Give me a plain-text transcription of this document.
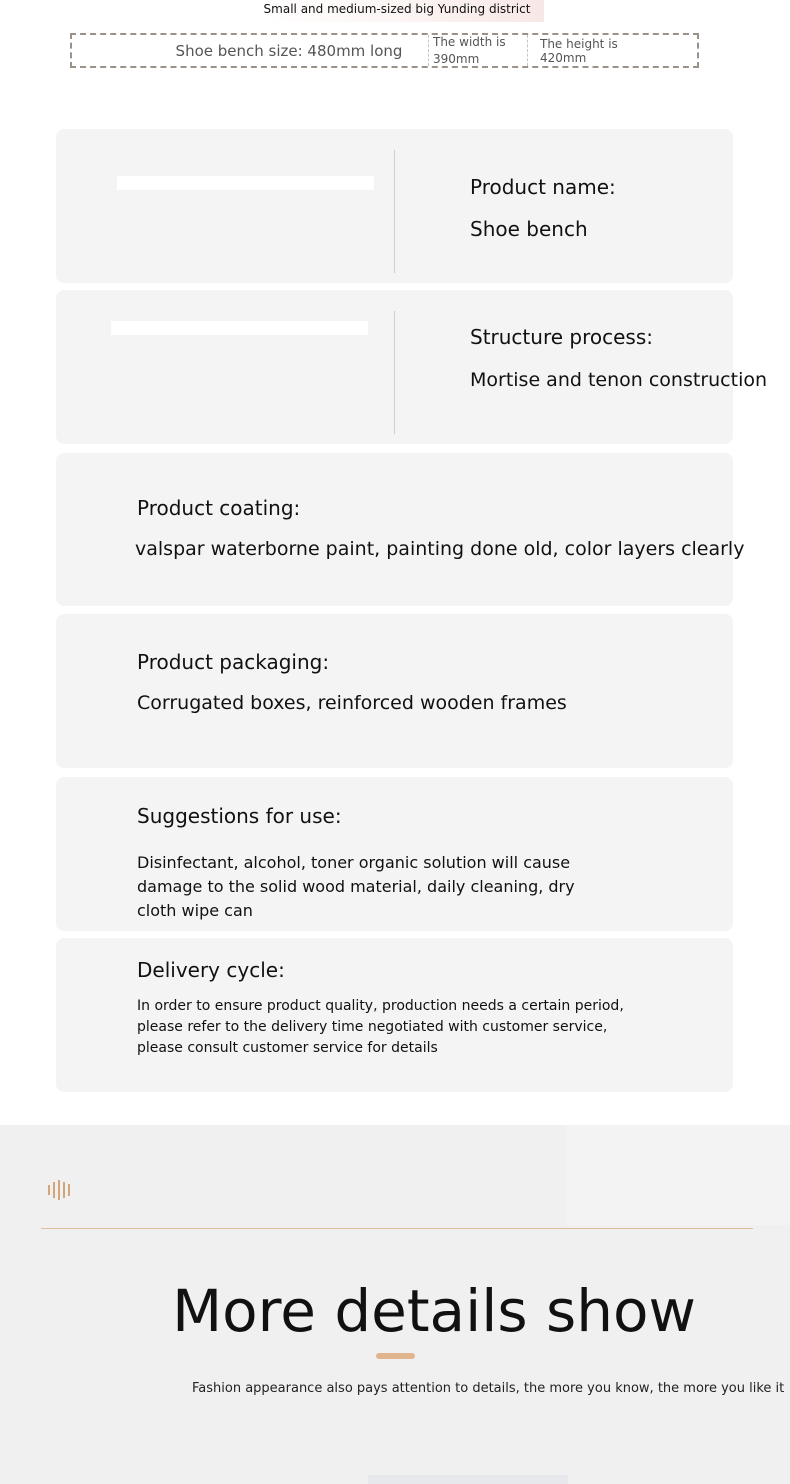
Small and medium-sized big Yunding district
Shoe bench size: 480mm long	The width is 390mm
The height is 420mm
Product name:
Shoe bench
Structure process:
Mortise and tenon construction
Product coating:
valspar waterborne paint, painting done old, color layers clearly
Product packaging:
Corrugated boxes, reinforced wooden frames
Suggestions for use:
Disinfectant, alcohol, toner organic solution will cause damage to the solid wood material, daily cleaning, dry cloth wipe can
Delivery cycle:
In order to ensure product quality, production needs a certain period, please refer to the delivery time negotiated with customer service, please consult customer service for details
More details show
Fashion appearance also pays attention to details, the more you know, the more you like it
